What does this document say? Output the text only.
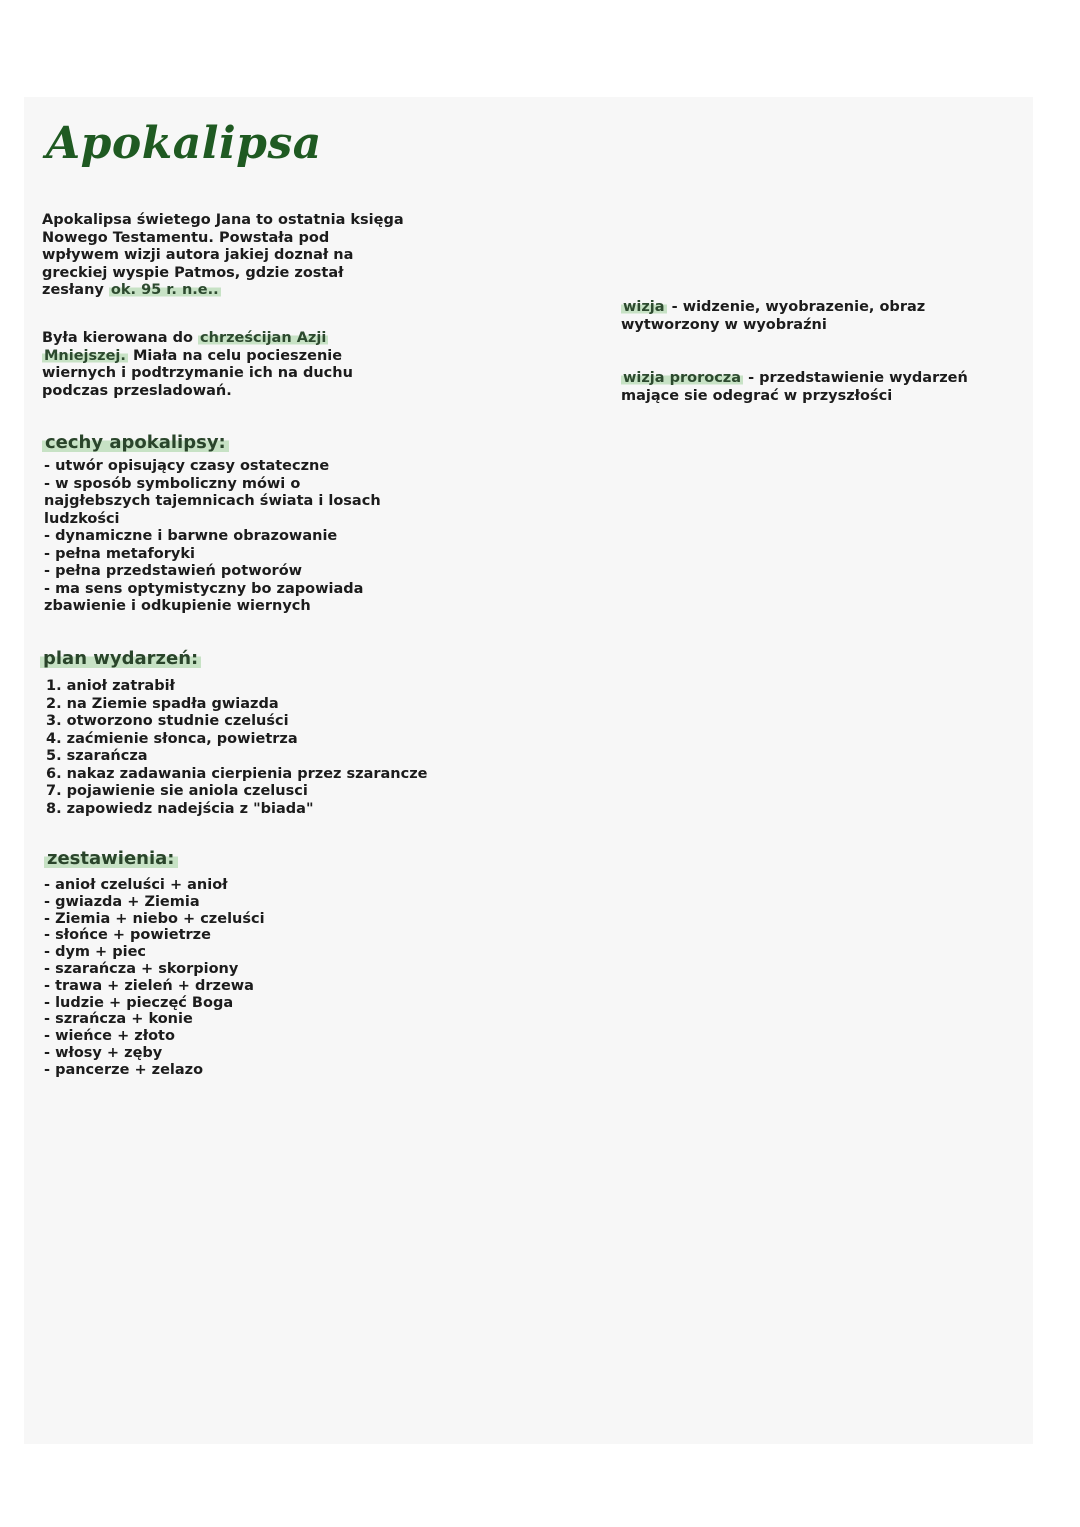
Apokalipsa

Apokalipsa świetego Jana to ostatnia księga

Nowego Testamentu. Powstała pod

wpływem wizji autora jakiej doznał na

greckiej wyspie Patmos, gdzie został

zesłany ok. 95 r. n.e..

Była kierowana do chrześcijan Azji

Mniejszej. Miała na celu pocieszenie

wiernych i podtrzymanie ich na duchu

podczas przesladowań.

wizja - widzenie, wyobrazenie, obraz

wytworzony w wyobraźni

wizja prorocza - przedstawienie wydarzeń

mające sie odegrać w przyszłości

cechy apokalipsy:
- utwór opisujący czasy ostateczne
- w sposób symboliczny mówi o
najgłebszych tajemnicach świata i losach
ludzkości
- dynamiczne i barwne obrazowanie
- pełna metaforyki
- pełna przedstawień potworów
- ma sens optymistyczny bo zapowiada
zbawienie i odkupienie wiernych
plan wydarzeń:
1. anioł zatrabił
2. na Ziemie spadła gwiazda
3. otworzono studnie czeluści
4. zaćmienie słonca, powietrza
5. szarańcza
6. nakaz zadawania cierpienia przez szarancze
7. pojawienie sie aniola czelusci
8. zapowiedz nadejścia z "biada"
zestawienia:
- anioł czeluści + anioł
- gwiazda + Ziemia
- Ziemia + niebo + czeluści
- słońce + powietrze
- dym + piec
- szarańcza + skorpiony
- trawa + zieleń + drzewa
- ludzie + pieczęć Boga
- szrańcza + konie
- wieńce + złoto
- włosy + zęby
- pancerze + zelazo
